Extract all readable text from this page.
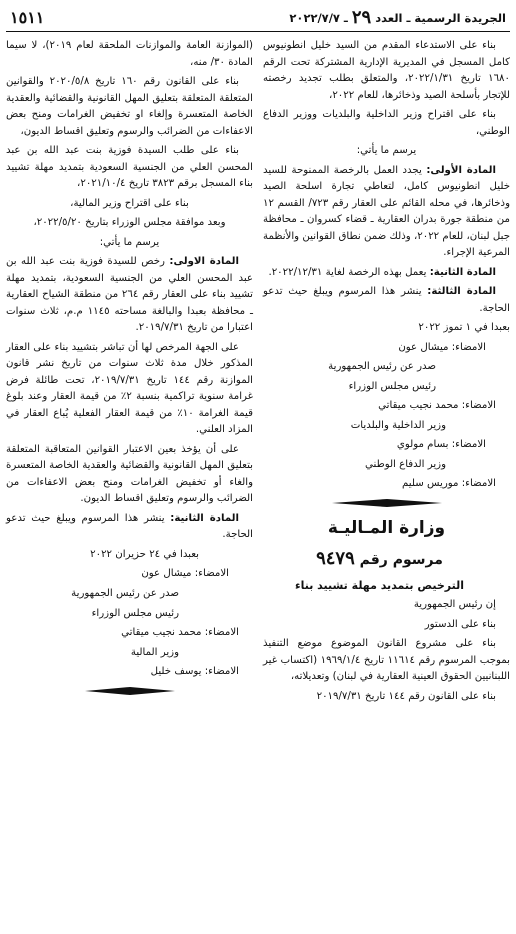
الجريدة الرسمية ـ العدد
٢٩
ـ ٢٠٢٢/٧/٧
١٥١١

بناء على الاستدعاء المقدم من السيد خليل انطونيوس كامل المسجل في المديرية الإدارية المشتركة تحت الرقم ١٦٨٠ تاريخ ٢٠٢٢/١/٣١، والمتعلق بطلب تجديد رخصته للإتجار بأسلحة الصيد وذخائرها، للعام ٢٠٢٢،

بناء على اقتراح وزير الداخلية والبلديات ووزير الدفاع الوطني،

يرسم ما يأتي:

المادة الأولى: يجدد العمل بالرخصة الممنوحة للسيد خليل انطونيوس كامل، لتعاطي تجارة اسلحة الصيد وذخائرها، في محله القائم على العقار رقم ٧٢٣/ القسم ١٢ من منطقة جورة بدران العقارية ـ قضاء كسروان ـ محافظة جبل لبنان، للعام ٢٠٢٢، وذلك ضمن نطاق القوانين والأنظمة المرعية الإجراء.

المادة الثانية: يعمل بهذه الرخصة لغاية ٢٠٢٢/١٢/٣١.

المادة الثالثة: ينشر هذا المرسوم ويبلغ حيث تدعو الحاجة.

بعبدا في ١ تموز ٢٠٢٢

الامضاء: ميشال عون

صدر عن رئيس الجمهورية

رئيس مجلس الوزراء

الامضاء: محمد نجيب ميقاتي

وزير الداخلية والبلديات

الامضاء: بسام مولوي

وزير الدفاع الوطني

الامضاء: موريس سليم

وزارة المـاليـة

مرسوم رقم ٩٤٧٩

الترخيص بتمديد مهلة تشييد بناء

إن رئيس الجمهورية

بناء على الدستور

بناء على مشروع القانون الموضوع موضع التنفيذ بموجب المرسوم رقم ١١٦١٤ تاريخ ١٩٦٩/١/٤ (اكتساب غير اللبنانيين الحقوق العينية العقارية في لبنان) وتعديلاته،

بناء على القانون رقم ١٤٤ تاريخ ٢٠١٩/٧/٣١

(الموازنة العامة والموازنات الملحقة لعام ٢٠١٩)، لا سيما المادة ٣٠/ منه،

بناء على القانون رقم ١٦٠ تاريخ ٢٠٢٠/٥/٨ والقوانين المتعلقة المتعلقة بتعليق المهل القانونية والقضائية والعقدية الخاصة المتعسرة وإلغاء او تخفيض الغرامات ومنح بعض الاعفاءات من الضرائب والرسوم وتعليق اقساط الديون،

بناء على طلب السيدة فوزية بنت عبد الله بن عبد المحسن العلي من الجنسية السعودية بتمديد مهلة تشييد بناء المسجل برقم ٣٨٢٣ تاريخ ٢٠٢١/١٠/٤،

بناء على اقتراح وزير المالية،

وبعد موافقة مجلس الوزراء بتاريخ ٢٠٢٢/٥/٢٠،

يرسم ما يأتي:

المادة الاولى: رخص للسيدة فوزية بنت عبد الله بن عبد المحسن العلي من الجنسية السعودية، بتمديد مهلة تشييد بناء على العقار رقم ٢٦٤ من منطقة الشياح العقارية ـ محافظة بعبدا والبالغة مساحته ١١٤٥ م.م، ثلاث سنوات اعتبارا من تاريخ ٢٠١٩/٧/٣١.

على الجهة المرخص لها أن تباشر بتشييد بناء على العقار المذكور خلال مدة ثلاث سنوات من تاريخ نشر قانون الموازنة رقم ١٤٤ تاريخ ٢٠١٩/٧/٣١، تحت طائلة فرض غرامة سنوية تراكمية بنسبة ٢٪ من قيمة العقار وعند بلوغ قيمة الغرامة ١٠٪ من قيمة العقار الفعلية يُباع العقار في المزاد العلني.

على أن يؤخذ بعين الاعتبار القوانين المتعاقبة المتعلقة بتعليق المهل القانونية والقضائية والعقدية الخاصة المتعسرة والغاء أو تخفيض الغرامات ومنح بعض الاعفاءات من الضرائب والرسوم وتعليق اقساط الديون.

المادة الثانية: ينشر هذا المرسوم ويبلغ حيث تدعو الحاجة.

بعبدا في ٢٤ حزيران ٢٠٢٢

الامضاء: ميشال عون

صدر عن رئيس الجمهورية

رئيس مجلس الوزراء

الامضاء: محمد نجيب ميقاتي

وزير المالية

الامضاء: يوسف خليل
